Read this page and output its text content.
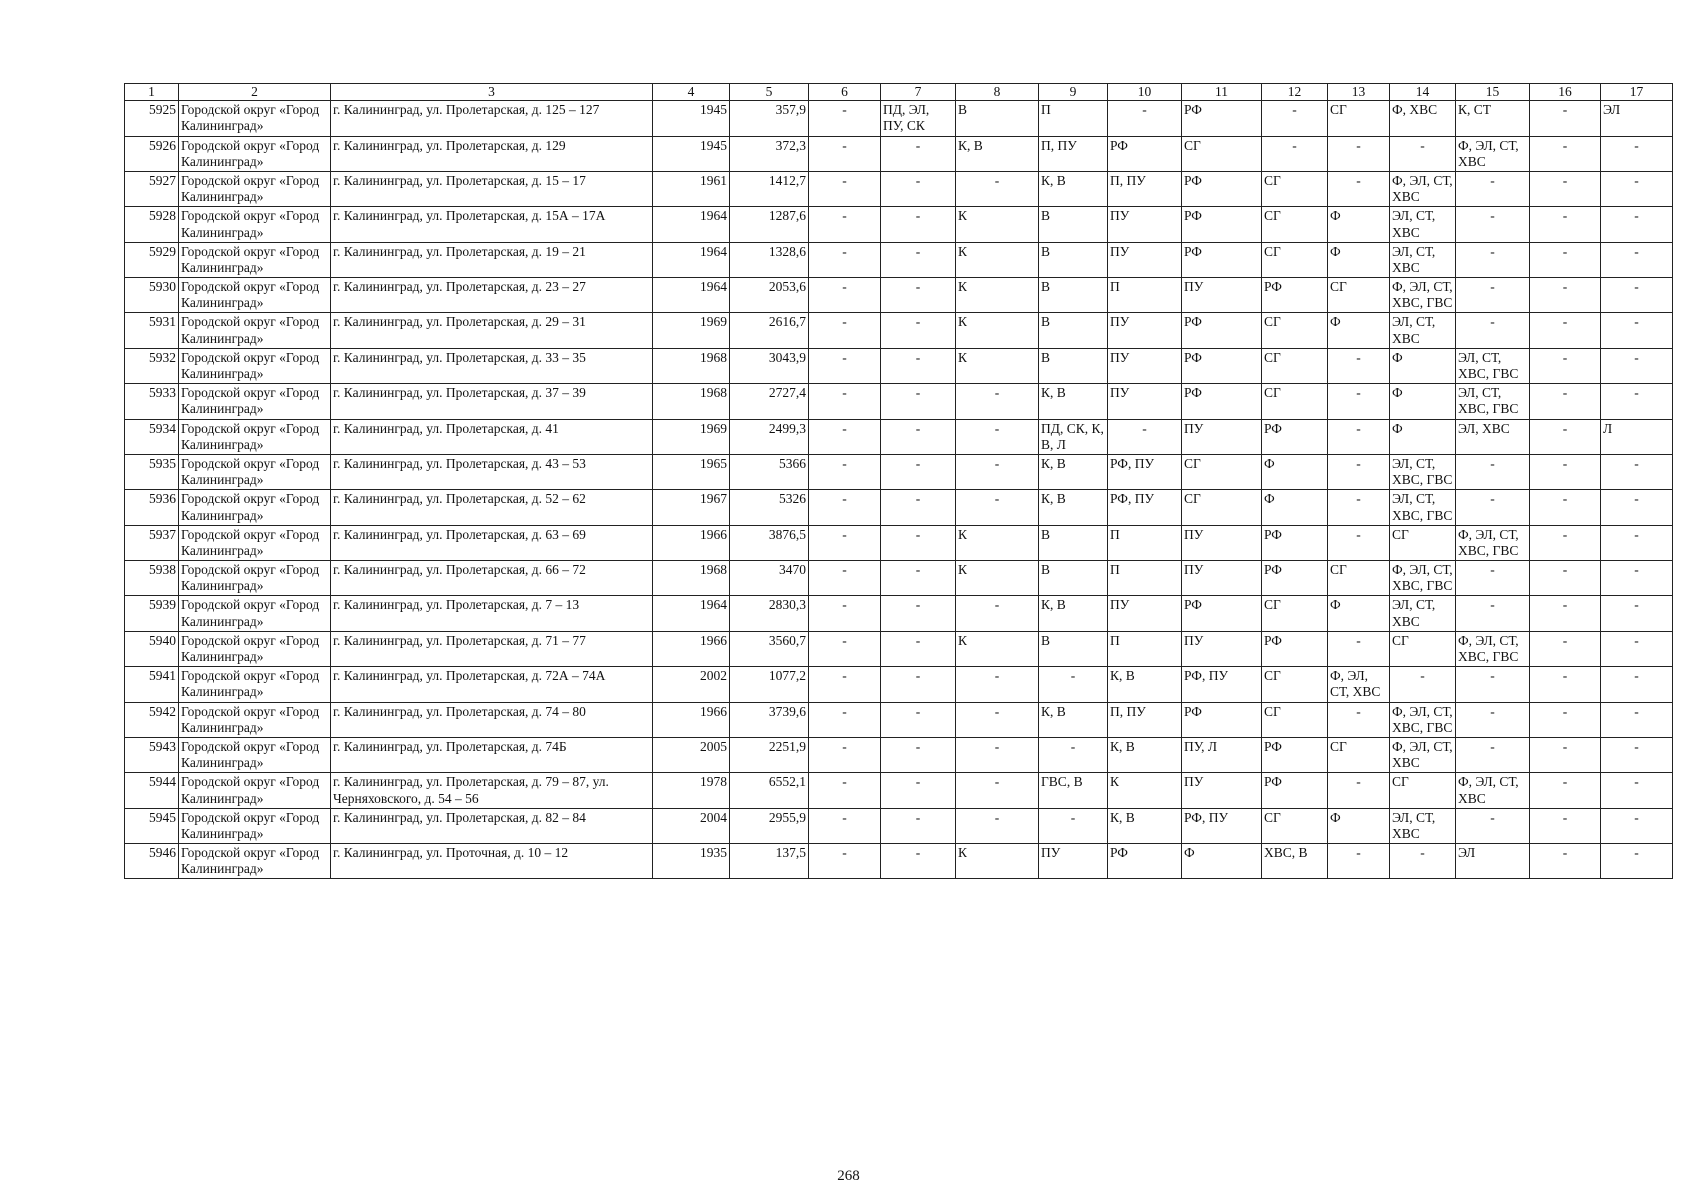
1	2	3	4	5	6	7	8	9	10	11	12	13	14	15	16	17
5925	Городской округ «Город Калининград»	г. Калининград, ул. Пролетарская, д. 125 – 127	1945	357,9	-	ПД, ЭЛ, ПУ, СК	В	П	-	РФ	-	СГ	Ф, ХВС	К, СТ	-	ЭЛ
5926	Городской округ «Город Калининград»	г. Калининград, ул. Пролетарская, д. 129	1945	372,3	-	-	К, В	П, ПУ	РФ	СГ	-	-	-	Ф, ЭЛ, СТ, ХВС	-	-
5927	Городской округ «Город Калининград»	г. Калининград, ул. Пролетарская, д. 15 – 17	1961	1412,7	-	-	-	К, В	П, ПУ	РФ	СГ	-	Ф, ЭЛ, СТ, ХВС	-	-	-
5928	Городской округ «Город Калининград»	г. Калининград, ул. Пролетарская, д. 15А – 17А	1964	1287,6	-	-	К	В	ПУ	РФ	СГ	Ф	ЭЛ, СТ, ХВС	-	-	-
5929	Городской округ «Город Калининград»	г. Калининград, ул. Пролетарская, д. 19 – 21	1964	1328,6	-	-	К	В	ПУ	РФ	СГ	Ф	ЭЛ, СТ, ХВС	-	-	-
5930	Городской округ «Город Калининград»	г. Калининград, ул. Пролетарская, д. 23 – 27	1964	2053,6	-	-	К	В	П	ПУ	РФ	СГ	Ф, ЭЛ, СТ, ХВС, ГВС	-	-	-
5931	Городской округ «Город Калининград»	г. Калининград, ул. Пролетарская, д. 29 – 31	1969	2616,7	-	-	К	В	ПУ	РФ	СГ	Ф	ЭЛ, СТ, ХВС	-	-	-
5932	Городской округ «Город Калининград»	г. Калининград, ул. Пролетарская, д. 33 – 35	1968	3043,9	-	-	К	В	ПУ	РФ	СГ	-	Ф	ЭЛ, СТ, ХВС, ГВС	-	-
5933	Городской округ «Город Калининград»	г. Калининград, ул. Пролетарская, д. 37 – 39	1968	2727,4	-	-	-	К, В	ПУ	РФ	СГ	-	Ф	ЭЛ, СТ, ХВС, ГВС	-	-
5934	Городской округ «Город Калининград»	г. Калининград, ул. Пролетарская, д. 41	1969	2499,3	-	-	-	ПД, СК, К, В, Л	-	ПУ	РФ	-	Ф	ЭЛ, ХВС	-	Л
5935	Городской округ «Город Калининград»	г. Калининград, ул. Пролетарская, д. 43 – 53	1965	5366	-	-	-	К, В	РФ, ПУ	СГ	Ф	-	ЭЛ, СТ, ХВС, ГВС	-	-	-
5936	Городской округ «Город Калининград»	г. Калининград, ул. Пролетарская, д. 52 – 62	1967	5326	-	-	-	К, В	РФ, ПУ	СГ	Ф	-	ЭЛ, СТ, ХВС, ГВС	-	-	-
5937	Городской округ «Город Калининград»	г. Калининград, ул. Пролетарская, д. 63 – 69	1966	3876,5	-	-	К	В	П	ПУ	РФ	-	СГ	Ф, ЭЛ, СТ, ХВС, ГВС	-	-
5938	Городской округ «Город Калининград»	г. Калининград, ул. Пролетарская, д. 66 – 72	1968	3470	-	-	К	В	П	ПУ	РФ	СГ	Ф, ЭЛ, СТ, ХВС, ГВС	-	-	-
5939	Городской округ «Город Калининград»	г. Калининград, ул. Пролетарская, д. 7 – 13	1964	2830,3	-	-	-	К, В	ПУ	РФ	СГ	Ф	ЭЛ, СТ, ХВС	-	-	-
5940	Городской округ «Город Калининград»	г. Калининград, ул. Пролетарская, д. 71 – 77	1966	3560,7	-	-	К	В	П	ПУ	РФ	-	СГ	Ф, ЭЛ, СТ, ХВС, ГВС	-	-
5941	Городской округ «Город Калининград»	г. Калининград, ул. Пролетарская, д. 72А – 74А	2002	1077,2	-	-	-	-	К, В	РФ, ПУ	СГ	Ф, ЭЛ, СТ, ХВС	-	-	-	-
5942	Городской округ «Город Калининград»	г. Калининград, ул. Пролетарская, д. 74 – 80	1966	3739,6	-	-	-	К, В	П, ПУ	РФ	СГ	-	Ф, ЭЛ, СТ, ХВС, ГВС	-	-	-
5943	Городской округ «Город Калининград»	г. Калининград, ул. Пролетарская, д. 74Б	2005	2251,9	-	-	-	-	К, В	ПУ, Л	РФ	СГ	Ф, ЭЛ, СТ, ХВС	-	-	-
5944	Городской округ «Город Калининград»	г. Калининград, ул. Пролетарская, д. 79 – 87, ул. Черняховского, д. 54 – 56	1978	6552,1	-	-	-	ГВС, В	К	ПУ	РФ	-	СГ	Ф, ЭЛ, СТ, ХВС	-	-
5945	Городской округ «Город Калининград»	г. Калининград, ул. Пролетарская, д. 82 – 84	2004	2955,9	-	-	-	-	К, В	РФ, ПУ	СГ	Ф	ЭЛ, СТ, ХВС	-	-	-
5946	Городской округ «Город Калининград»	г. Калининград, ул. Проточная, д. 10 – 12	1935	137,5	-	-	К	ПУ	РФ	Ф	ХВС, В	-	-	ЭЛ	-	-
268
